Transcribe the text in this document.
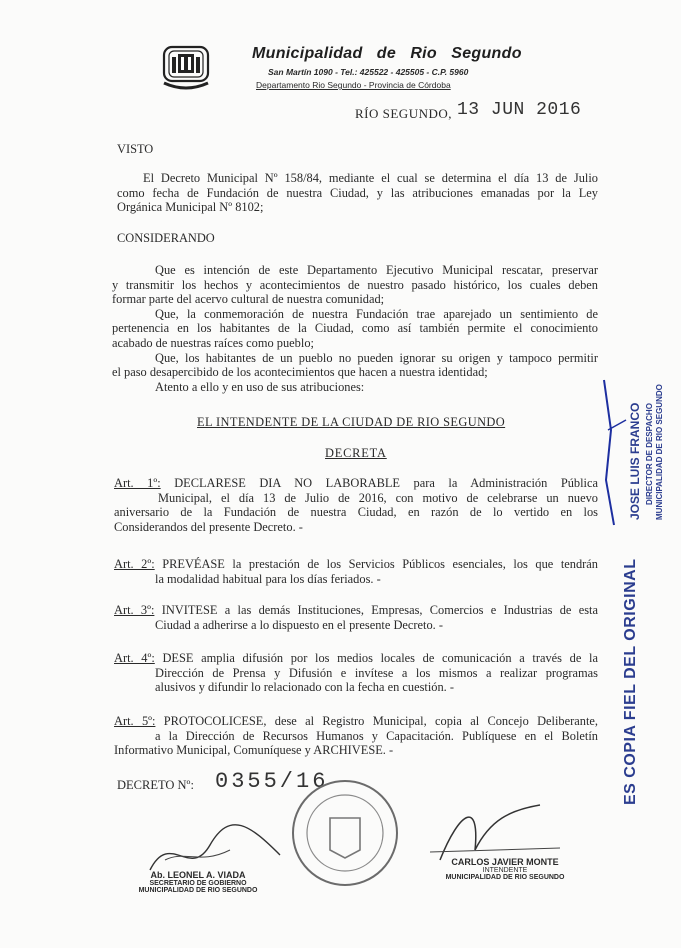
Municipalidad   de   Rio   Segundo
San Martín 1090 - Tel.: 425522 - 425505 - C.P. 5960
Departamento Rio Segundo - Provincia de Córdoba
RÍO SEGUNDO, 13 JUN 2016
VISTO
El Decreto Municipal Nº 158/84, mediante el cual se determina el día 13 de Julio
como fecha de Fundación de nuestra Ciudad, y las atribuciones emanadas por la Ley
Orgánica Municipal Nº 8102;
CONSIDERANDO
Que es intención de este Departamento Ejecutivo Municipal rescatar, preservar
y transmitir los hechos y acontecimientos de nuestro pasado histórico, los cuales deben
formar parte del acervo cultural de nuestra comunidad;
Que, la conmemoración de nuestra Fundación trae aparejado un sentimiento de
pertenencia en los habitantes de la Ciudad, como así también permite el conocimiento
acabado de nuestras raíces como pueblo;
Que, los habitantes de un pueblo no pueden ignorar su origen y tampoco permitir
el paso desapercibido de los acontecimientos que hacen a nuestra identidad;
Atento a ello y en uso de sus atribuciones:
EL INTENDENTE DE LA CIUDAD DE RIO SEGUNDO
DECRETA
Art. 1º: DECLARESE DIA NO LABORABLE para la Administración Pública
Municipal, el día 13 de Julio de 2016, con motivo de celebrarse un nuevo
aniversario de la Fundación de nuestra Ciudad, en razón de lo vertido en los
Considerandos del presente Decreto. -
Art. 2º: PREVÉASE la prestación de los Servicios Públicos esenciales, los que tendrán
la modalidad habitual para los días feriados. -
Art. 3º: INVITESE a las demás Instituciones, Empresas, Comercios e Industrias de esta
Ciudad a adherirse a lo dispuesto en el presente Decreto. -
Art. 4º: DESE amplia difusión por los medios locales de comunicación a través de la
Dirección de Prensa y Difusión e invítese a los mismos a realizar programas
alusivos y difundir lo relacionado con la fecha en cuestión. -
Art. 5º: PROTOCOLICESE, dese al Registro Municipal, copia al Concejo Deliberante,
a la Dirección de Recursos Humanos y Capacitación. Publíquese en el Boletín
Informativo Municipal, Comuníquese y ARCHIVESE. -
DECRETO Nº: 0355/16
Ab. LEONEL A. VIADA
SECRETARIO DE GOBIERNO
MUNICIPALIDAD DE RIO SEGUNDO
CARLOS JAVIER MONTE
INTENDENTE
MUNICIPALIDAD DE RIO SEGUNDO
JOSE LUIS FRANCO DIRECTOR DE DESPACHO MUNICIPALIDAD DE RIO SEGUNDO
ES COPIA FIEL DEL ORIGINAL
